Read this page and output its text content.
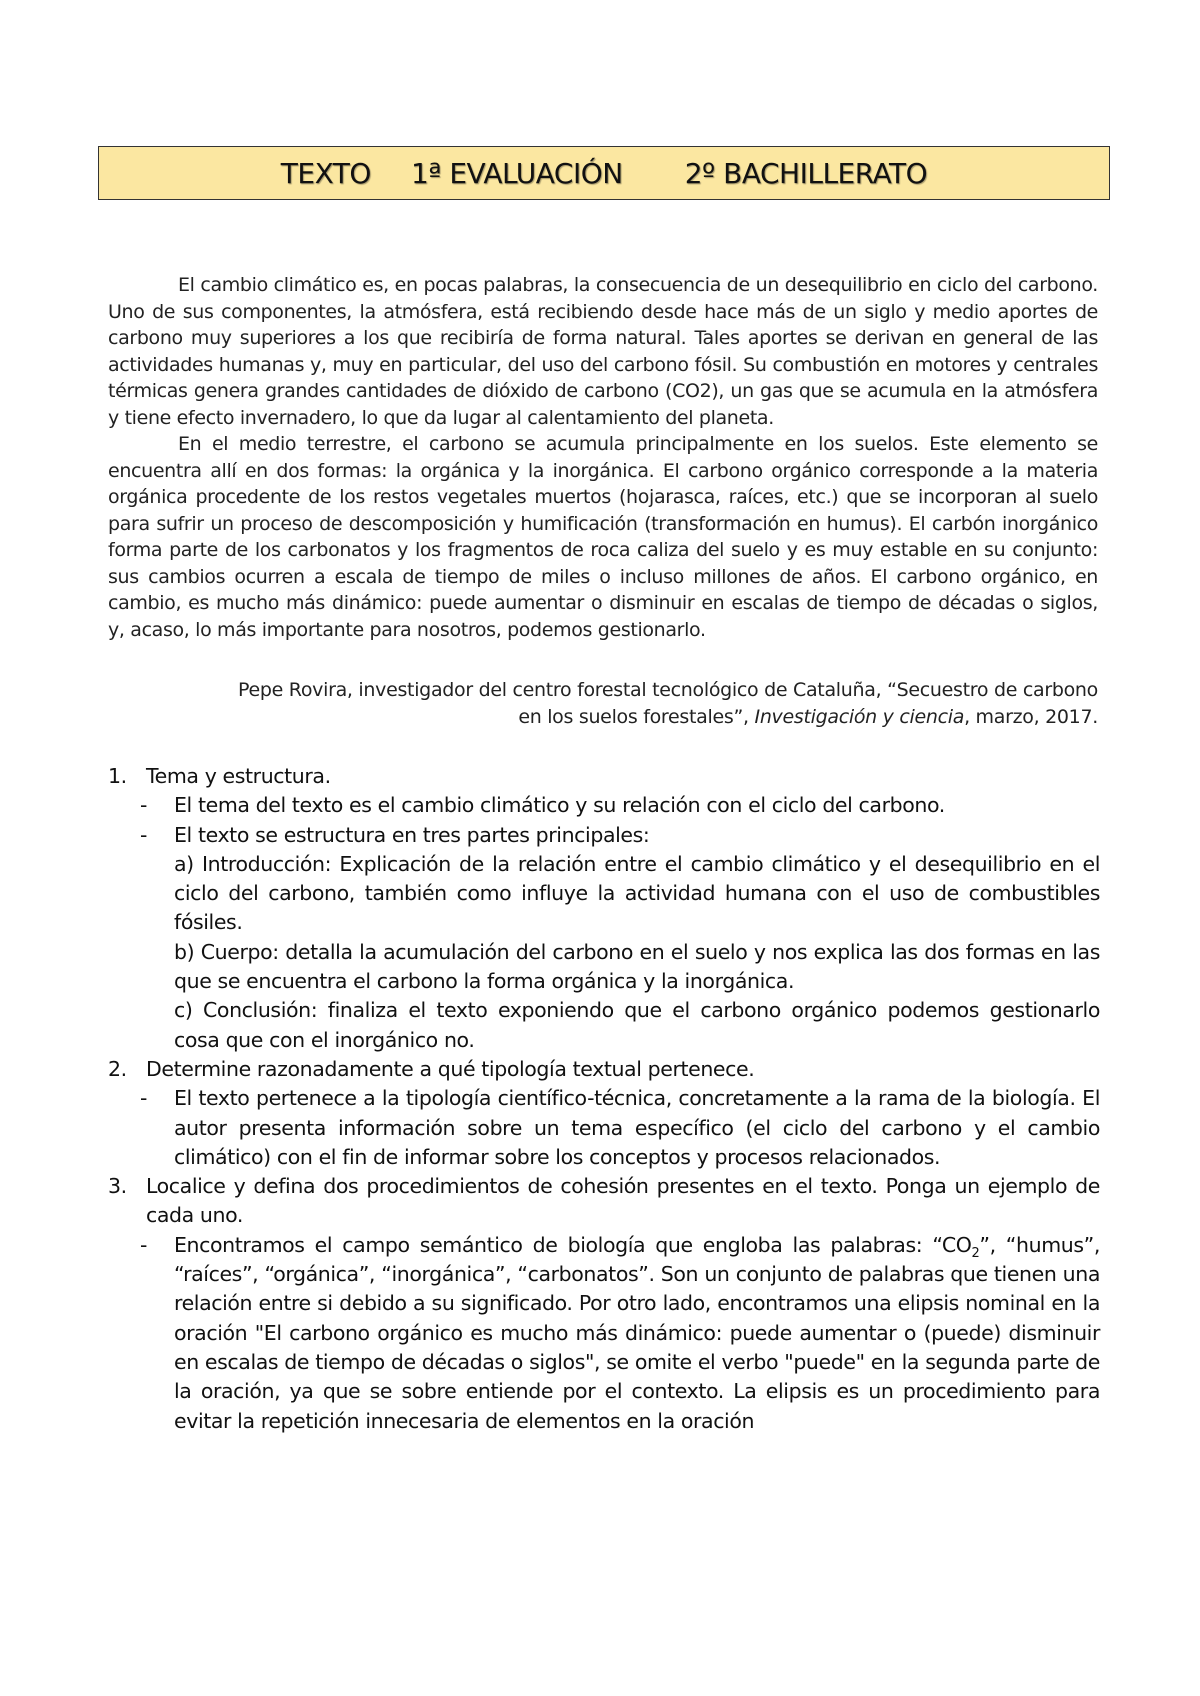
TEXTO 1ª EVALUACIÓN 2º BACHILLERATO

El cambio climático es, en pocas palabras, la consecuencia de un desequilibrio en ciclo del carbono. Uno de sus componentes, la atmósfera, está recibiendo desde hace más de un siglo y medio aportes de carbono muy superiores a los que recibiría de forma natural. Tales aportes se derivan en general de las actividades humanas y, muy en particular, del uso del carbono fósil. Su combustión en motores y centrales térmicas genera grandes cantidades de dióxido de carbono (CO2), un gas que se acumula en la atmósfera y tiene efecto invernadero, lo que da lugar al calentamiento del planeta.

En el medio terrestre, el carbono se acumula principalmente en los suelos. Este elemento se encuentra allí en dos formas: la orgánica y la inorgánica. El carbono orgánico corresponde a la materia orgánica procedente de los restos vegetales muertos (hojarasca, raíces, etc.) que se incorporan al suelo para sufrir un proceso de descomposición y humificación (transformación en humus). El carbón inorgánico forma parte de los carbonatos y los fragmentos de roca caliza del suelo y es muy estable en su conjunto: sus cambios ocurren a escala de tiempo de miles o incluso millones de años. El carbono orgánico, en cambio, es mucho más dinámico: puede aumentar o disminuir en escalas de tiempo de décadas o siglos, y, acaso, lo más importante para nosotros, podemos gestionarlo.

Pepe Rovira, investigador del centro forestal tecnológico de Cataluña, “Secuestro de carbono
en los suelos forestales”, Investigación y ciencia, marzo, 2017.
1. Tema y estructura.
- El tema del texto es el cambio climático y su relación con el ciclo del carbono.
- El texto se estructura en tres partes principales:
a) Introducción: Explicación de la relación entre el cambio climático y el desequilibrio en el ciclo del carbono, también como influye la actividad humana con el uso de combustibles fósiles.
b) Cuerpo: detalla la acumulación del carbono en el suelo y nos explica las dos formas en las que se encuentra el carbono la forma orgánica y la inorgánica.
c) Conclusión: finaliza el texto exponiendo que el carbono orgánico podemos gestionarlo cosa que con el inorgánico no.
2. Determine razonadamente a qué tipología textual pertenece.
- El texto pertenece a la tipología científico-técnica, concretamente a la rama de la biología. El autor presenta información sobre un tema específico (el ciclo del carbono y el cambio climático) con el fin de informar sobre los conceptos y procesos relacionados.
3. Localice y defina dos procedimientos de cohesión presentes en el texto. Ponga un ejemplo de cada uno.
- Encontramos el campo semántico de biología que engloba las palabras: “$CO_2$”, “humus”, “raíces”, “orgánica”, “inorgánica”, “carbonatos”. Son un conjunto de palabras que tienen una relación entre si debido a su significado. Por otro lado, encontramos una elipsis nominal en la oración "El carbono orgánico es mucho más dinámico: puede aumentar o (puede) disminuir en escalas de tiempo de décadas o siglos", se omite el verbo "puede" en la segunda parte de la oración, ya que se sobre entiende por el contexto. La elipsis es un procedimiento para evitar la repetición innecesaria de elementos en la oración
